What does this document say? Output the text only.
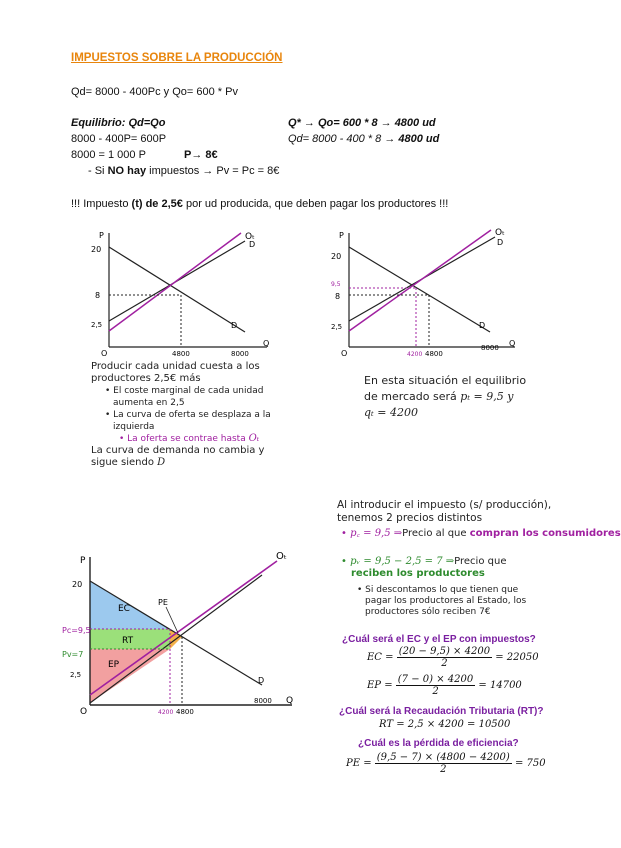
IMPUESTOS SOBRE LA PRODUCCIÓN
Qd= 8000 - 400Pc y Qo= 600 * Pv
Equilibrio: Qd=Qo
8000 - 400P= 600P
8000 = 1 000 P	P→ 8€
Q* → Qo= 600 * 8 → 4800 ud
Qd= 8000 - 400 * 8 → 4800 ud
- Si NO hay impuestos → Pv = Pc = 8€
!!! Impuesto (t) de 2,5€ por ud producida, que deben pagar los productores !!!
P
20
8
2,5
O	4800	8000
Q
Oₜ
D
D
Producir cada unidad cuesta a los
productores 2,5€ más
• El coste marginal de cada unidad
aumenta en 2,5
• La curva de oferta se desplaza a la
izquierda
• La oferta se contrae hasta Oₜ
La curva de demanda no cambia y
sigue siendo D
P
20
9,5
8
2,5
O	4200 4800
8000 Q
Oₜ
D
D
En esta situación el equilibrio
de mercado será pₜ = 9,5 y
qₜ = 4200
P
20
Pc=9,5
Pv=7
2,5
O	4200 4800
8000 Q
Oₜ
D
EC
RT
EP
PE
Al introducir el impuesto (s/ producción),
tenemos 2 precios distintos
• p꜀ = 9,5 ⇒Precio al que compran los consumidores
• pᵥ = 9,5 − 2,5 = 7 ⇒Precio que
reciben los productores
• Si descontamos lo que tienen que
pagar los productores al Estado, los
productores sólo reciben 7€
¿Cuál será el EC y el EP con impuestos?
EC = $\frac{(20 - 9,5) \times 4200}{2} = 22050$
EP = $\frac{(7 - 0) \times 4200}{2} = 14700$
¿Cuál será la Recaudación Tributaria (RT)?
RT = 2,5 × 4200 = 10500
¿Cuál es la pérdida de eficiencia?
PE = $\frac{(9,5 - 7) \times (4800 - 4200)}{2} = 750$
